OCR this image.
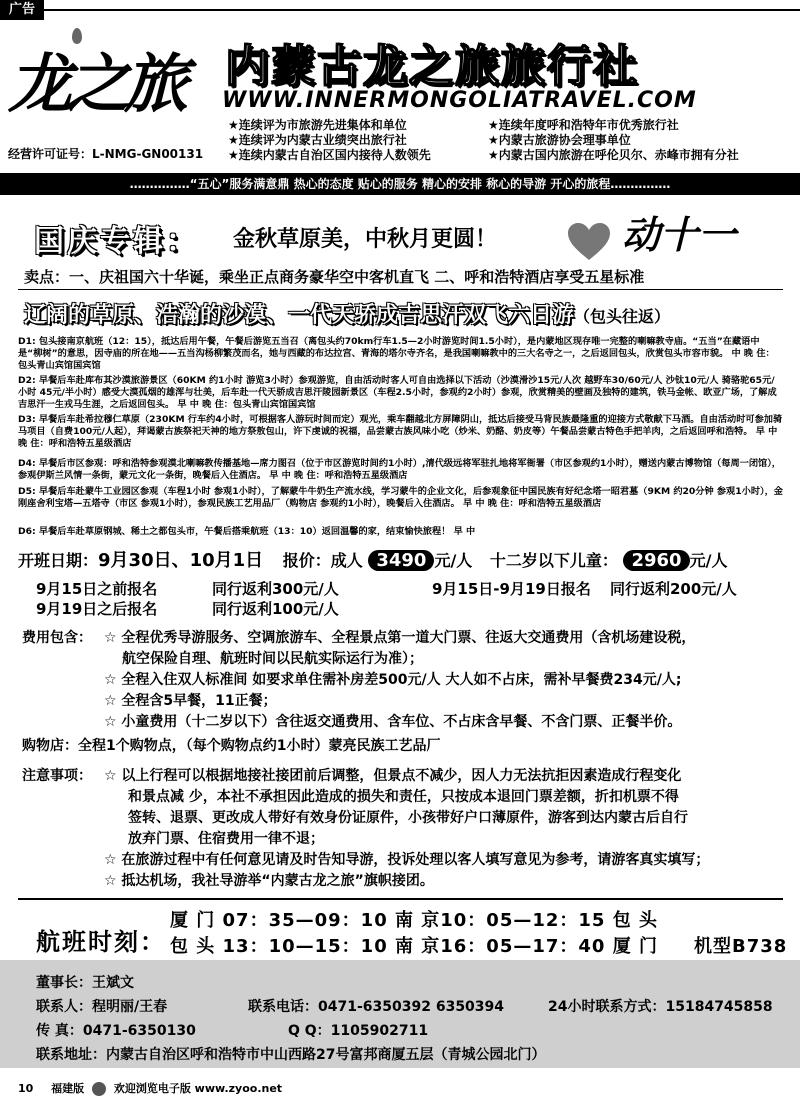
广告
龙之旅 内蒙古龙之旅旅行社
WWW.INNERMONGOLIATRAVEL.COM
★连续评为市旅游先进集体和单位
★连续评为内蒙古业绩突出旅行社
★连续内蒙古自治区国内接待人数领先
★连续年度呼和浩特年市优秀旅行社
★内蒙古旅游协会理事单位
★内蒙古国内旅游在呼伦贝尔、赤峰市拥有分社
经营许可证号：L-NMG-GN00131
……………“五心”服务满意鼎 热心的态度 贴心的服务 精心的安排 称心的导游 开心的旅程……………
国庆专辑： 金秋草原美，中秋月更圆！	动十一
卖点：一、庆祖国六十华诞，乘坐正点商务豪华空中客机直飞 二、呼和浩特酒店享受五星标准
辽阔的草原、浩瀚的沙漠、一代天骄成吉思汗双飞六日游（包头往返）
D1: 包头接南京航班（12：15），抵达后用午餐，午餐后游览五当召（离包头约70km行车1.5—2小时游览时间1.5小时），是内蒙地区现存唯一完整的喇嘛教寺庙。“五当”在藏语中是“柳树”的意思，因寺庙的所在地——五当沟杨柳繁茂而名，她与西藏的布达拉宫、青海的塔尔寺齐名，是我国喇嘛教中的三大名寺之一，之后返回包头，欣赏包头市容市貌。 中 晚 住：包头青山宾馆国宾馆
D2: 早餐后车赴库布其沙漠旅游景区（60KM 约1小时 游览3小时）参观游览，自由活动时客人可自由选择以下活动（沙漠滑沙15元/人次 越野车30/60元/人 沙钛10元/人 骑骆驼65元/小时 45元/半小时）感受大漠孤烟的雄浑与壮美，后车赴一代天骄成吉思汗陵园新景区（车程2.5小时，参观约2小时）参观，欣赏精美的壁画及独特的建筑，铁马金帐、欧亚广场，了解成吉思汗一生戎马生涯，之后返回包头。 早 中 晚 住：包头青山宾馆国宾馆
D3: 早餐后车赴希拉穆仁草原（230KM 行车约4小时，可根据客人游玩时间而定）观光，乘车翻越北方屏障阴山，抵达后接受马背民族最隆重的迎接方式敬献下马酒。自由活动时可参加骑马项目（自费100元/人起），拜谒蒙古族祭祀天神的地方祭敖包山，许下虔诚的祝福，品尝蒙古族风味小吃（炒米、奶酪、奶皮等）午餐品尝蒙古特色手把羊肉，之后返回呼和浩特。 早 中 晚 住：呼和浩特五星级酒店
D4: 早餐后市区参观：呼和浩特参观漠北喇嘛教传播基地—席力图召（位于市区游览时间约1小时）,清代级远将军驻扎地将军衙署（市区参观约1小时），赠送内蒙古博物馆（每周一闭馆），参观伊斯兰风情一条街，蒙元文化一条街，晚餐后入住酒店。 早 中 晚 住：呼和浩特五星级酒店
D5: 早餐后车赴蒙牛工业园区参观（车程1小时 参观1小时），了解蒙牛牛奶生产流水线，学习蒙牛的企业文化，后参观象征中国民族有好纪念塔一昭君墓（9KM 约20分钟 参观1小时），金刚座舍利宝塔—五塔寺（市区 参观1小时），参观民族工艺用品厂（购物店 参观约1小时），晚餐后入住酒店。 早 中 晚 住：呼和浩特五星级酒店
D6: 早餐后车赴草原钢城、稀土之都包头市，午餐后搭乘航班（13：10）返回温馨的家，结束愉快旅程！ 早 中
开班日期：9月30日、10月1日 报价：成人 3490 元/人 十二岁以下儿童： 2960 元/人
9月15日之前报名	同行返利300元/人	9月15日-9月19日报名 同行返利200元/人
9月19日之后报名	同行返利100元/人
费用包含： ☆ 全程优秀导游服务、空调旅游车、全程景点第一道大门票、往返大交通费用（含机场建设税，
航空保险自理、航班时间以民航实际运行为准）；
☆ 全程入住双人标准间 如要求单住需补房差500元/人 大人如不占床，需补早餐费234元/人;
☆ 全程含5早餐，11正餐；
☆ 小童费用（十二岁以下）含往返交通费用、含车位、不占床含早餐、不含门票、正餐半价。
购物店：全程1个购物点，（每个购物点约1小时）蒙亮民族工艺品厂
注意事项： ☆ 以上行程可以根据地接社接团前后调整，但景点不减少，因人力无法抗拒因素造成行程变化
和景点减 少，本社不承担因此造成的损失和责任，只按成本退回门票差额，折扣机票不得
签转、退票、更改成人带好有效身份证原件，小孩带好户口薄原件，游客到达内蒙古后自行
放弃门票、住宿费用一律不退；
☆ 在旅游过程中有任何意见请及时告知导游，投诉处理以客人填写意见为参考，请游客真实填写；
☆ 抵达机场，我社导游举“内蒙古龙之旅”旗帜接团。
航班时刻：
厦 门 07：35—09：10 南 京10：05—12：15 包 头
包 头 13：10—15：10 南 京16：05—17：40 厦 门 机型B738
董事长：王斌文
联系人：程明丽/王春	联系电话：0471-6350392 6350394	24小时联系方式：15184745858
传 真：0471-6350130	Q Q：1105902711
联系地址：内蒙古自治区呼和浩特市中山西路27号富邦商厦五层（青城公园北门）
10 福建版	欢迎浏览电子版 www.zyoo.net
